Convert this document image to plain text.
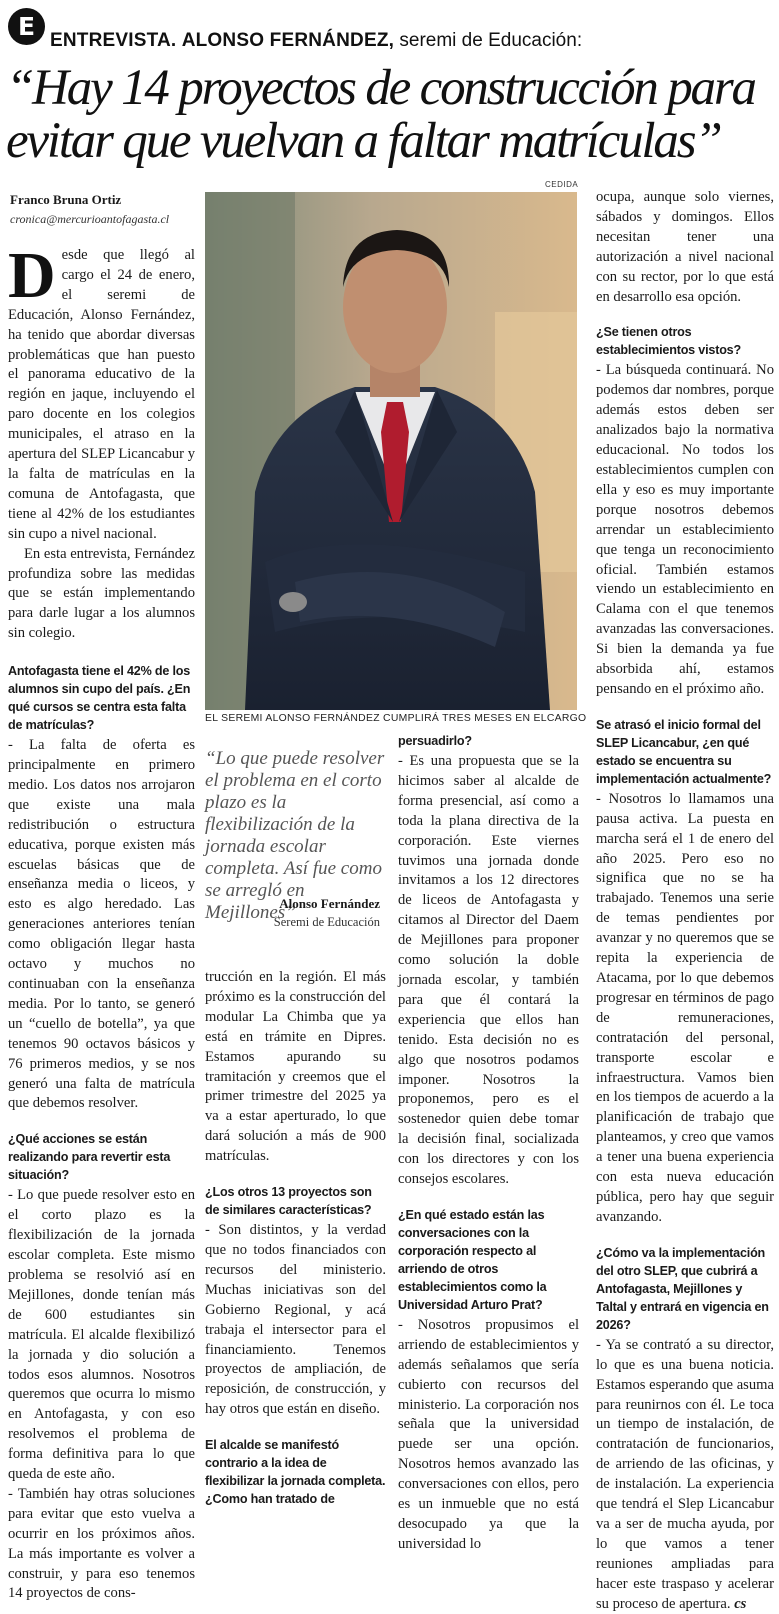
E ENTREVISTA. ALONSO FERNÁNDEZ, seremi de Educación:
“Hay 14 proyectos de construcción para evitar que vuelvan a faltar matrículas”
Franco Bruna Ortiz
cronica@mercurioantofagasta.cl

Desde que llegó al cargo el 24 de enero, el seremi de Educación, Alonso Fernández, ha tenido que abordar diversas problemáticas que han puesto el panorama educativo de la región en jaque, incluyendo el paro docente en los colegios municipales, el atraso en la apertura del SLEP Licancabur y la falta de matrículas en la comuna de Antofagasta, que tiene al 42% de los estudiantes sin cupo a nivel nacional.

En esta entrevista, Fernández profundiza sobre las medidas que se están implementando para darle lugar a los alumnos sin colegio.

Antofagasta tiene el 42% de los alumnos sin cupo del país. ¿En qué cursos se centra esta falta de matrículas?

- La falta de oferta es principalmente en primero medio. Los datos nos arrojaron que existe una mala redistribución o estructura educativa, porque existen más escuelas básicas que de enseñanza media o liceos, y esto es algo heredado. Las generaciones anteriores tenían como obligación llegar hasta octavo y muchos no continuaban con la enseñanza media. Por lo tanto, se generó un “cuello de botella”, ya que tenemos 90 octavos básicos y 76 primeros medios, y se nos generó una falta de matrícula que debemos resolver.

¿Qué acciones se están realizando para revertir esta situación?

- Lo que puede resolver esto en el corto plazo es la flexibilización de la jornada escolar completa. Este mismo problema se resolvió así en Mejillones, donde tenían más de 600 estudiantes sin matrícula. El alcalde flexibilizó la jornada y dio solución a todos esos alumnos. Nosotros queremos que ocurra lo mismo en Antofagasta, y con eso resolvemos el problema de forma definitiva para lo que queda de este año.

- También hay otras soluciones para evitar que esto vuelva a ocurrir en los próximos años. La más importante es volver a construir, y para eso tenemos 14 proyectos de cons-

CEDIDA
EL SEREMI ALONSO FERNÁNDEZ CUMPLIRÁ TRES MESES EN ELCARGO
“Lo que puede resolver el problema en el corto plazo es la flexibilización de la jornada escolar completa. Así fue como se arregló en Mejillones”
Alonso Fernández
Seremi de Educación

trucción en la región. El más próximo es la construcción del modular La Chimba que ya está en trámite en Dipres. Estamos apurando su tramitación y creemos que el primer trimestre del 2025 ya va a estar aperturado, lo que dará solución a más de 900 matrículas.

¿Los otros 13 proyectos son de similares características?

- Son distintos, y la verdad que no todos financiados con recursos del ministerio. Muchas iniciativas son del Gobierno Regional, y acá trabaja el intersector para el financiamiento. Tenemos proyectos de ampliación, de reposición, de construcción, y hay otros que están en diseño.

El alcalde se manifestó contrario a la idea de flexibilizar la jornada completa. ¿Como han tratado de

persuadirlo?

- Es una propuesta que se la hicimos saber al alcalde de forma presencial, así como a toda la plana directiva de la corporación. Este viernes tuvimos una jornada donde invitamos a los 12 directores de liceos de Antofagasta y citamos al Director del Daem de Mejillones para proponer como solución la doble jornada escolar, y también para que él contará la experiencia que ellos han tenido. Esta decisión no es algo que nosotros podamos imponer. Nosotros la proponemos, pero es el sostenedor quien debe tomar la decisión final, socializada con los directores y con los consejos escolares.

¿En qué estado están las conversaciones con la corporación respecto al arriendo de otros establecimientos como la Universidad Arturo Prat?

- Nosotros propusimos el arriendo de establecimientos y además señalamos que sería cubierto con recursos del ministerio. La corporación nos señala que la universidad puede ser una opción. Nosotros hemos avanzado las conversaciones con ellos, pero es un inmueble que no está desocupado ya que la universidad lo

ocupa, aunque solo viernes, sábados y domingos. Ellos necesitan tener una autorización a nivel nacional con su rector, por lo que está en desarrollo esa opción.

¿Se tienen otros establecimientos vistos?

- La búsqueda continuará. No podemos dar nombres, porque además estos deben ser analizados bajo la normativa educacional. No todos los establecimientos cumplen con ella y eso es muy importante porque nosotros debemos arrendar un establecimiento que tenga un reconocimiento oficial. También estamos viendo un establecimiento en Calama con el que tenemos avanzadas las conversaciones. Si bien la demanda ya fue absorbida ahí, estamos pensando en el próximo año.

Se atrasó el inicio formal del SLEP Licancabur, ¿en qué estado se encuentra su implementación actualmente?

- Nosotros lo llamamos una pausa activa. La puesta en marcha será el 1 de enero del año 2025. Pero eso no significa que no se ha trabajado. Tenemos una serie de temas pendientes por avanzar y no queremos que se repita la experiencia de Atacama, por lo que debemos progresar en términos de pago de remuneraciones, contratación del personal, transporte escolar e infraestructura. Vamos bien en los tiempos de acuerdo a la planificación de trabajo que planteamos, y creo que vamos a tener una buena experiencia con esta nueva educación pública, pero hay que seguir avanzando.

¿Cómo va la implementación del otro SLEP, que cubrirá a Antofagasta, Mejillones y Taltal y entrará en vigencia en 2026?

- Ya se contrató a su director, lo que es una buena noticia. Estamos esperando que asuma para reunirnos con él. Le toca un tiempo de instalación, de contratación de funcionarios, de arriendo de las oficinas, y de instalación. La experiencia que tendrá el Slep Licancabur va a ser de mucha ayuda, por lo que vamos a tener reuniones ampliadas para hacer este traspaso y acelerar su proceso de apertura. cs
